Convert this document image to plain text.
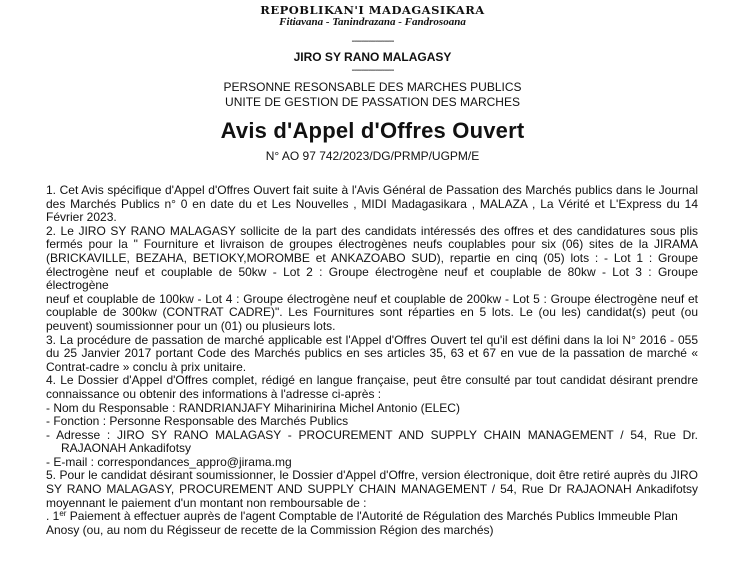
REPOBLIKAN'I MADAGASIKARA
Fitiavana - Tanindrazana - Fandrosoana
------------------
JIRO SY RANO MALAGASY
------------------
PERSONNE RESONSABLE DES MARCHES PUBLICS
UNITE DE GESTION DE PASSATION DES MARCHES
Avis d'Appel d'Offres Ouvert
N° AO 97 742/2023/DG/PRMP/UGPM/E
1. Cet Avis spécifique d'Appel d'Offres Ouvert fait suite à l'Avis Général de Passation des Marchés publics dans le Journal
des Marchés Publics n° 0 en date du et Les Nouvelles , MIDI Madagasikara , MALAZA , La Vérité et L'Express du 14
Février 2023.
2. Le JIRO SY RANO MALAGASY sollicite de la part des candidats intéressés des offres et des candidatures sous plis
fermés pour la " Fourniture et livraison de groupes électrogènes neufs couplables pour six (06) sites de la JIRAMA
(BRICKAVILLE, BEZAHA, BETIOKY,MOROMBE et ANKAZOABO SUD), repartie en cinq (05) lots : - Lot 1 : Groupe
électrogène neuf et couplable de 50kw - Lot 2 : Groupe électrogène neuf et couplable de 80kw - Lot 3 : Groupe électrogène
neuf et couplable de 100kw - Lot 4 : Groupe électrogène neuf et couplable de 200kw - Lot 5 : Groupe électrogène neuf et
couplable de 300kw (CONTRAT CADRE)". Les Fournitures sont réparties en 5 lots. Le (ou les) candidat(s) peut (ou
peuvent) soumissionner pour un (01) ou plusieurs lots.
3. La procédure de passation de marché applicable est l'Appel d'Offres Ouvert tel qu'il est défini dans la loi N° 2016 - 055
du 25 Janvier 2017 portant Code des Marchés publics en ses articles 35, 63 et 67 en vue de la passation de marché «
Contrat-cadre » conclu à prix unitaire.
4. Le Dossier d'Appel d'Offres complet, rédigé en langue française, peut être consulté par tout candidat désirant prendre
connaissance ou obtenir des informations à l'adresse ci-après :
- Nom du Responsable : RANDRIANJAFY Miharinirina Michel Antonio (ELEC)
- Fonction : Personne Responsable des Marchés Publics
- Adresse : JIRO SY RANO MALAGASY - PROCUREMENT AND SUPPLY CHAIN MANAGEMENT / 54, Rue Dr.
RAJAONAH Ankadifotsy
- E-mail : correspondances_appro@jirama.mg
5. Pour le candidat désirant soumissionner, le Dossier d'Appel d'Offre, version électronique, doit être retiré auprès du JIRO
SY RANO MALAGASY, PROCUREMENT AND SUPPLY CHAIN MANAGEMENT / 54, Rue Dr RAJAONAH Ankadifotsy
moyennant le paiement d'un montant non remboursable de :
. 1er Paiement à effectuer auprès de l'agent Comptable de l'Autorité de Régulation des Marchés Publics Immeuble Plan
Anosy (ou, au nom du Régisseur de recette de la Commission Région des marchés)
